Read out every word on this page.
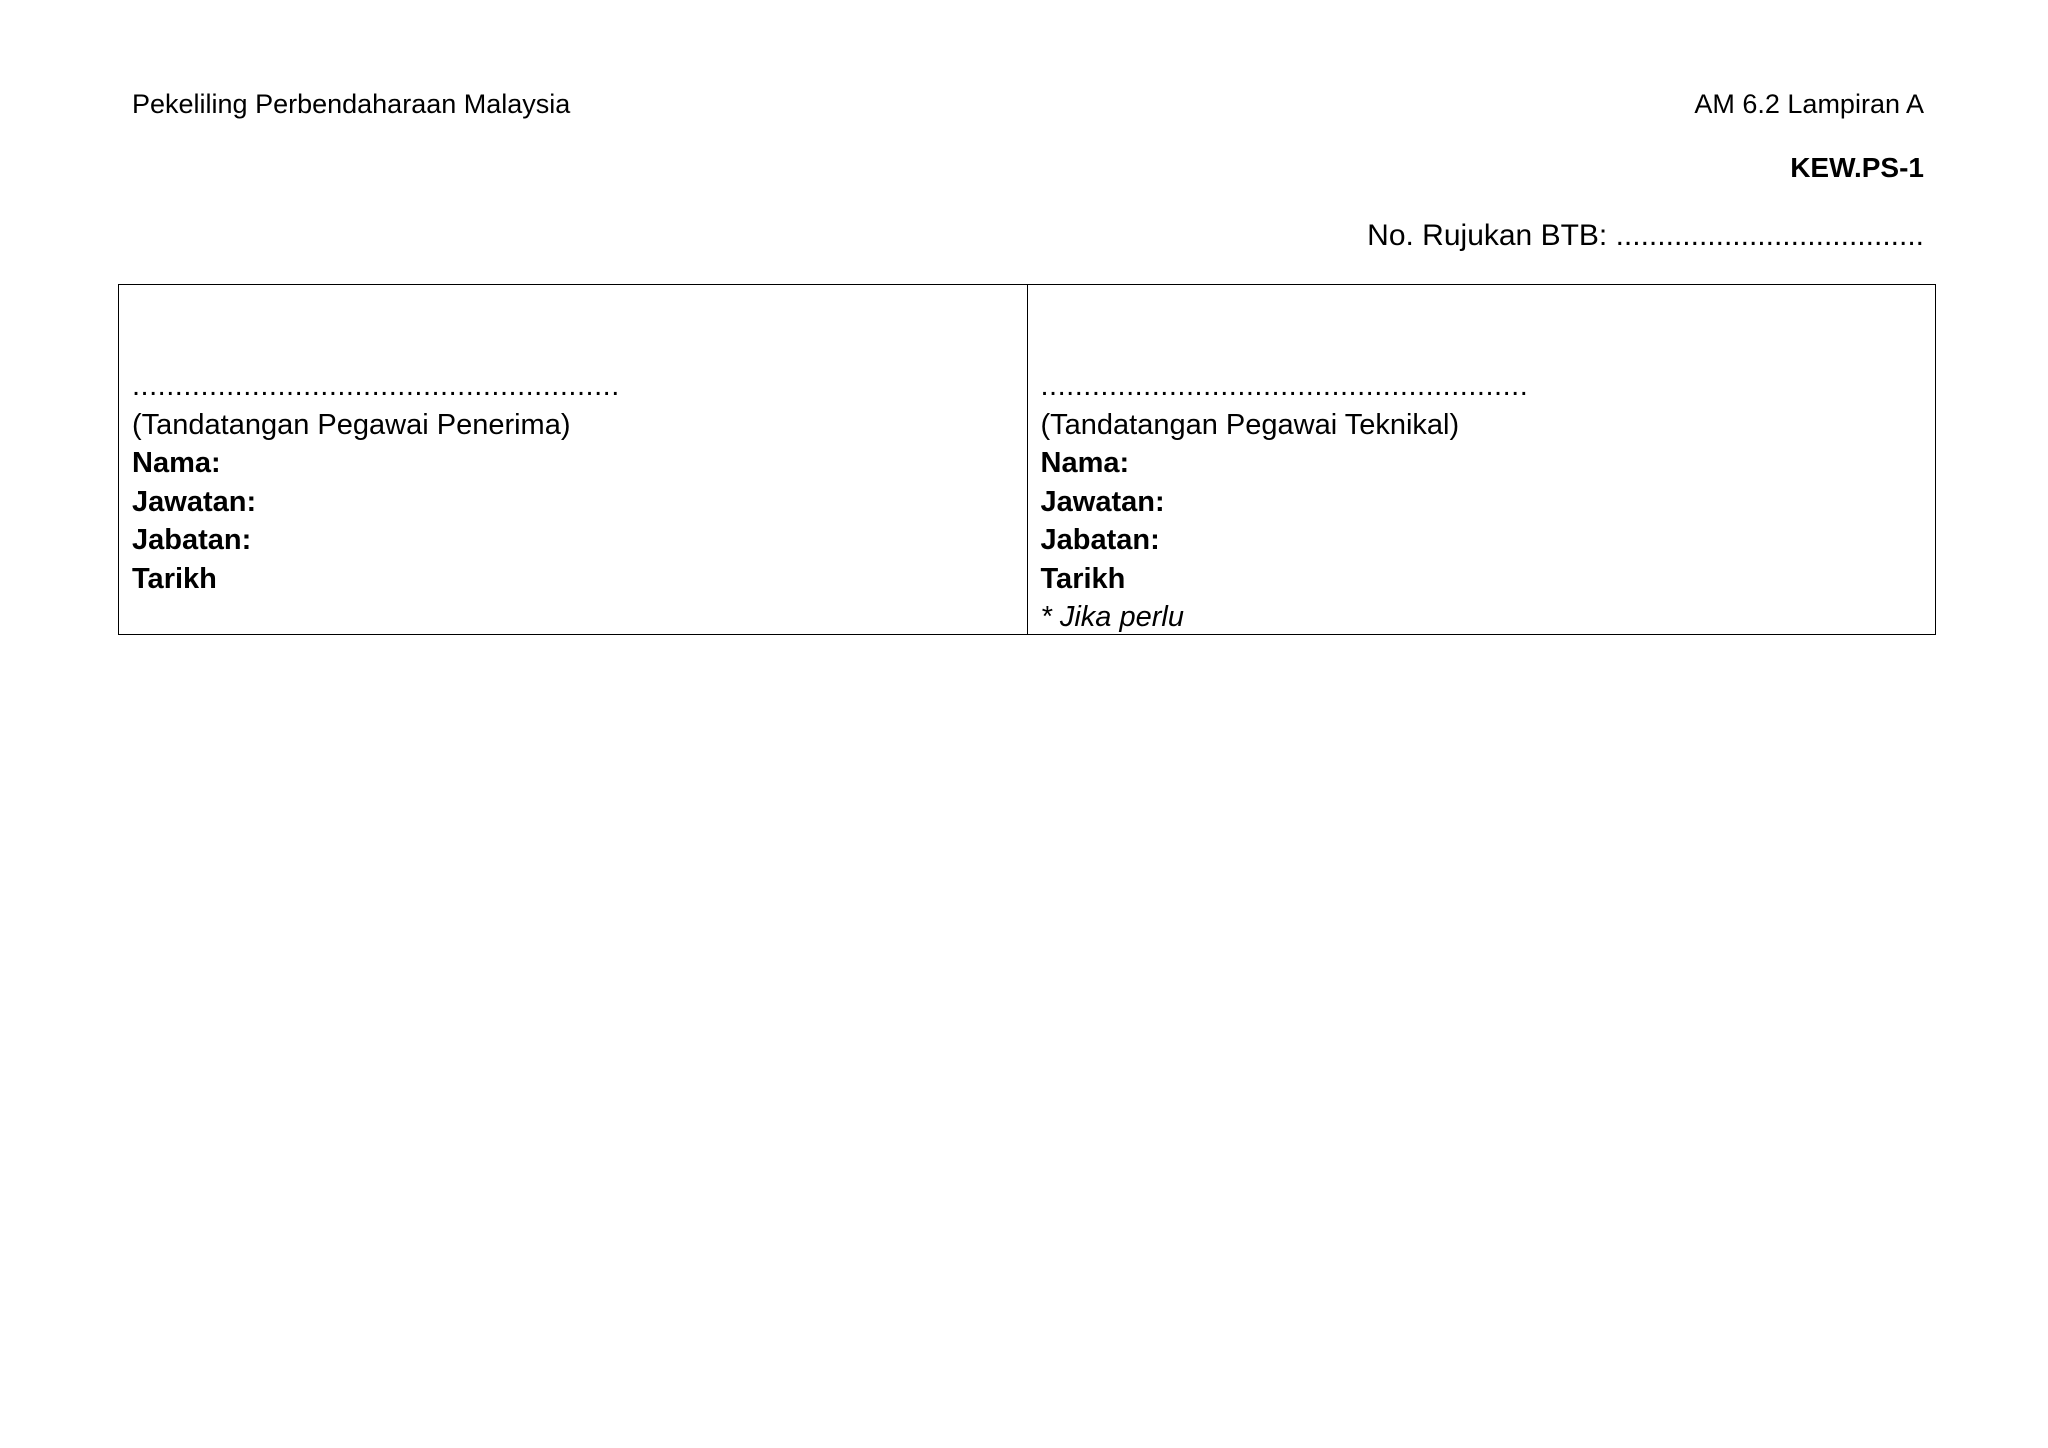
Pekeliling Perbendaharaan Malaysia	AM 6.2 Lampiran A
KEW.PS-1
No. Rujukan BTB: .....................................
.........................................................
(Tandatangan Pegawai Penerima)
Nama:
Jawatan:
Jabatan:
Tarikh
.........................................................
(Tandatangan Pegawai Teknikal)
Nama:
Jawatan:
Jabatan:
Tarikh
* Jika perlu
